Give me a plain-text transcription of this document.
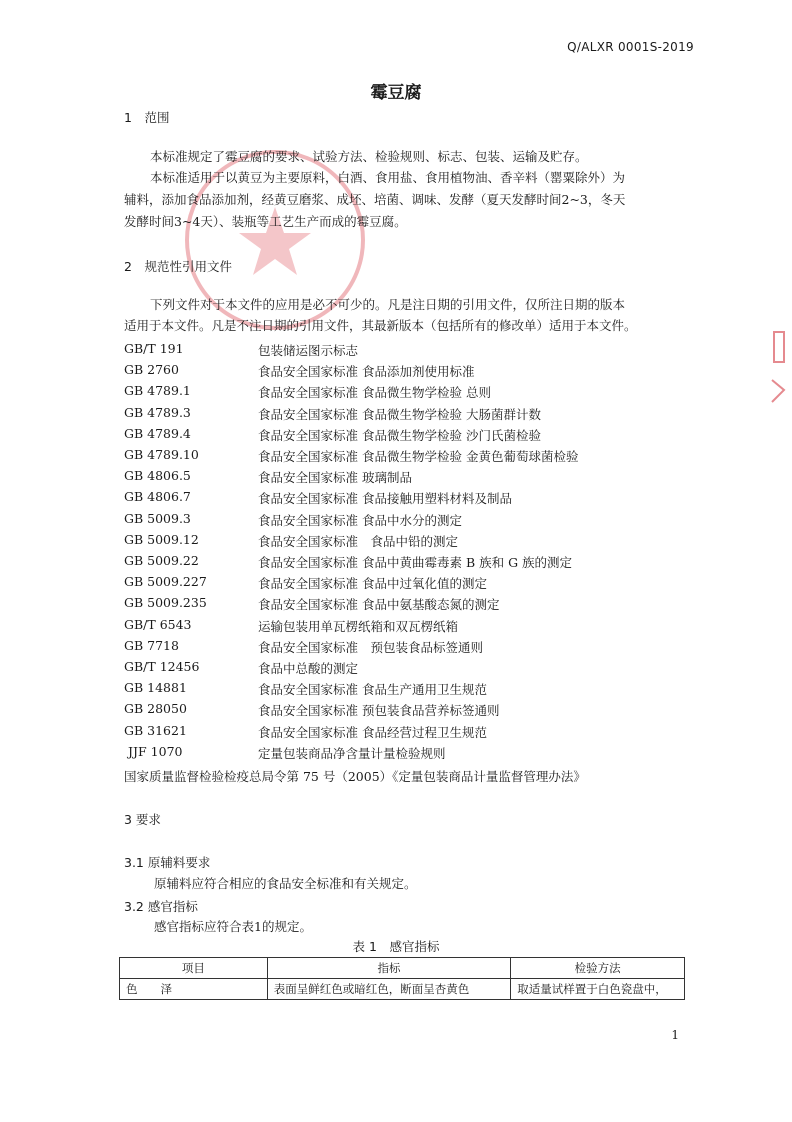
Q/ALXR 0001S-2019
霉豆腐
1　范围
本标准规定了霉豆腐的要求、试验方法、检验规则、标志、包装、运输及贮存。
本标准适用于以黄豆为主要原料，白酒、食用盐、食用植物油、香辛料（罂粟除外）为
辅料，添加食品添加剂，经黄豆磨浆、成坯、培菌、调味、发酵（夏天发酵时间2~3，冬天
发酵时间3~4天）、装瓶等工艺生产而成的霉豆腐。
2　规范性引用文件
下列文件对于本文件的应用是必不可少的。凡是注日期的引用文件，仅所注日期的版本
适用于本文件。凡是不注日期的引用文件，其最新版本（包括所有的修改单）适用于本文件。
GB/T 191	包装储运图示标志
GB 2760	食品安全国家标准 食品添加剂使用标准
GB 4789.1	食品安全国家标准 食品微生物学检验 总则
GB 4789.3	食品安全国家标准 食品微生物学检验 大肠菌群计数
GB 4789.4	食品安全国家标准 食品微生物学检验 沙门氏菌检验
GB 4789.10	食品安全国家标准 食品微生物学检验 金黄色葡萄球菌检验
GB 4806.5	食品安全国家标准 玻璃制品
GB 4806.7	食品安全国家标准 食品接触用塑料材料及制品
GB 5009.3	食品安全国家标准 食品中水分的测定
GB 5009.12	食品安全国家标准　食品中铅的测定
GB 5009.22	食品安全国家标准 食品中黄曲霉毒素 B 族和 G 族的测定
GB 5009.227	食品安全国家标准 食品中过氧化值的测定
GB 5009.235	食品安全国家标准 食品中氨基酸态氮的测定
GB/T 6543	运输包装用单瓦楞纸箱和双瓦楞纸箱
GB 7718	食品安全国家标准　预包装食品标签通则
GB/T 12456	食品中总酸的测定
GB 14881	食品安全国家标准 食品生产通用卫生规范
GB 28050	食品安全国家标准 预包装食品营养标签通则
GB 31621	食品安全国家标准 食品经营过程卫生规范
JJF 1070	定量包装商品净含量计量检验规则
国家质量监督检验检疫总局令第 75 号（2005）《定量包装商品计量监督管理办法》
3 要求
3.1 原辅料要求
原辅料应符合相应的食品安全标准和有关规定。
3.2 感官指标
感官指标应符合表1的规定。
表 1　感官指标
项目	指标	检验方法
色　　泽	表面呈鲜红色或暗红色，断面呈杏黄色	取适量试样置于白色瓷盘中，
1
